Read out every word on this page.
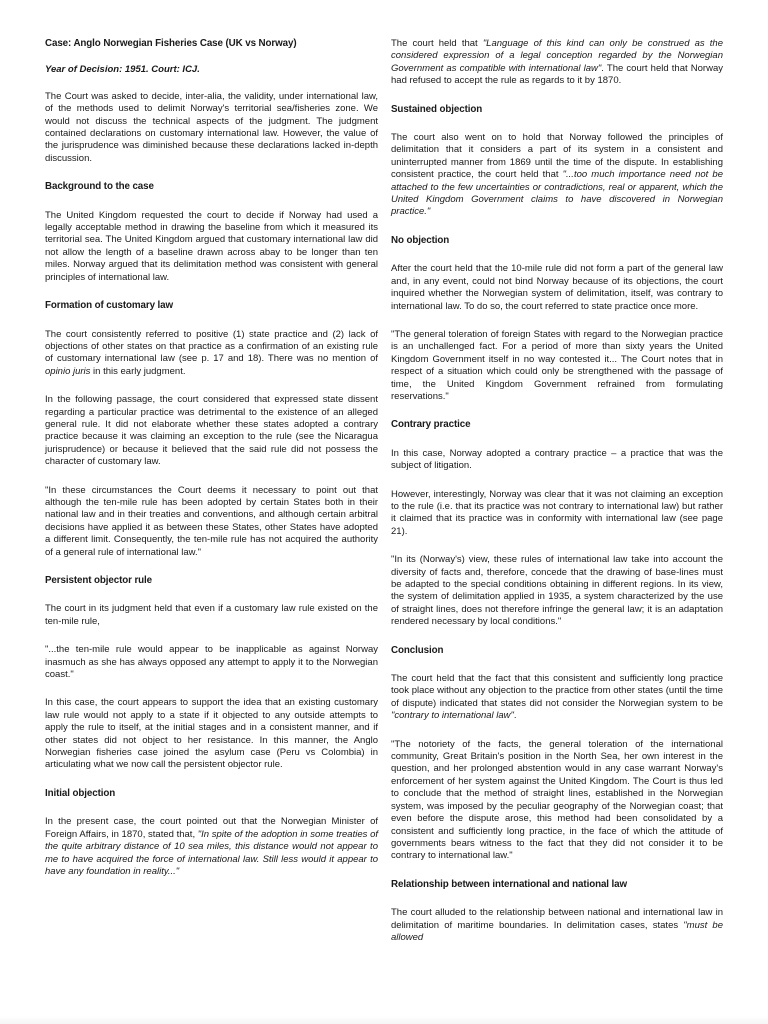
Case: Anglo Norwegian Fisheries Case (UK vs Norway)

Year of Decision: 1951. Court: ICJ.

The Court was asked to decide, inter-alia, the validity, under international law, of the methods used to delimit Norway's territorial sea/fisheries zone. We would not discuss the technical aspects of the judgment. The judgment contained declarations on customary international law. However, the value of the jurisprudence was diminished because these declarations lacked in-depth discussion.

Background to the case

The United Kingdom requested the court to decide if Norway had used a legally acceptable method in drawing the baseline from which it measured its territorial sea. The United Kingdom argued that customary international law did not allow the length of a baseline drawn across abay to be longer than ten miles. Norway argued that its delimitation method was consistent with general principles of international law.

Formation of customary law

The court consistently referred to positive (1) state practice and (2) lack of objections of other states on that practice as a confirmation of an existing rule of customary international law (see p. 17 and 18). There was no mention of opinio juris in this early judgment.

In the following passage, the court considered that expressed state dissent regarding a particular practice was detrimental to the existence of an alleged general rule. It did not elaborate whether these states adopted a contrary practice because it was claiming an exception to the rule (see the Nicaragua jurisprudence) or because it believed that the said rule did not possess the character of customary law.

"In these circumstances the Court deems it necessary to point out that although the ten-mile rule has been adopted by certain States both in their national law and in their treaties and conventions, and although certain arbitral decisions have applied it as between these States, other States have adopted a different limit. Consequently, the ten-mile rule has not acquired the authority of a general rule of international law."

Persistent objector rule

The court in its judgment held that even if a customary law rule existed on the ten-mile rule,

"...the ten-mile rule would appear to be inapplicable as against Norway inasmuch as she has always opposed any attempt to apply it to the Norwegian coast."

In this case, the court appears to support the idea that an existing customary law rule would not apply to a state if it objected to any outside attempts to apply the rule to itself, at the initial stages and in a consistent manner, and if other states did not object to her resistance. In this manner, the Anglo Norwegian fisheries case joined the asylum case (Peru vs Colombia) in articulating what we now call the persistent objector rule.

Initial objection

In the present case, the court pointed out that the Norwegian Minister of Foreign Affairs, in 1870, stated that, "In spite of the adoption in some treaties of the quite arbitrary distance of 10 sea miles, this distance would not appear to me to have acquired the force of international law. Still less would it appear to have any foundation in reality..."

The court held that "Language of this kind can only be construed as the considered expression of a legal conception regarded by the Norwegian Government as compatible with international law". The court held that Norway had refused to accept the rule as regards to it by 1870.

Sustained objection

The court also went on to hold that Norway followed the principles of delimitation that it considers a part of its system in a consistent and uninterrupted manner from 1869 until the time of the dispute. In establishing consistent practice, the court held that "...too much importance need not be attached to the few uncertainties or contradictions, real or apparent, which the United Kingdom Government claims to have discovered in Norwegian practice."

No objection

After the court held that the 10-mile rule did not form a part of the general law and, in any event, could not bind Norway because of its objections, the court inquired whether the Norwegian system of delimitation, itself, was contrary to international law. To do so, the court referred to state practice once more.

"The general toleration of foreign States with regard to the Norwegian practice is an unchallenged fact. For a period of more than sixty years the United Kingdom Government itself in no way contested it... The Court notes that in respect of a situation which could only be strengthened with the passage of time, the United Kingdom Government refrained from formulating reservations."

Contrary practice

In this case, Norway adopted a contrary practice – a practice that was the subject of litigation.

However, interestingly, Norway was clear that it was not claiming an exception to the rule (i.e. that its practice was not contrary to international law) but rather it claimed that its practice was in conformity with international law (see page 21).

"In its (Norway's) view, these rules of international law take into account the diversity of facts and, therefore, concede that the drawing of base-lines must be adapted to the special conditions obtaining in different regions. In its view, the system of delimitation applied in 1935, a system characterized by the use of straight lines, does not therefore infringe the general law; it is an adaptation rendered necessary by local conditions."

Conclusion

The court held that the fact that this consistent and sufficiently long practice took place without any objection to the practice from other states (until the time of dispute) indicated that states did not consider the Norwegian system to be "contrary to international law".

"The notoriety of the facts, the general toleration of the international community, Great Britain's position in the North Sea, her own interest in the question, and her prolonged abstention would in any case warrant Norway's enforcement of her system against the United Kingdom. The Court is thus led to conclude that the method of straight lines, established in the Norwegian system, was imposed by the peculiar geography of the Norwegian coast; that even before the dispute arose, this method had been consolidated by a consistent and sufficiently long practice, in the face of which the attitude of governments bears witness to the fact that they did not consider it to be contrary to international law."

Relationship between international and national law

The court alluded to the relationship between national and international law in delimitation of maritime boundaries. In delimitation cases, states "must be allowed
